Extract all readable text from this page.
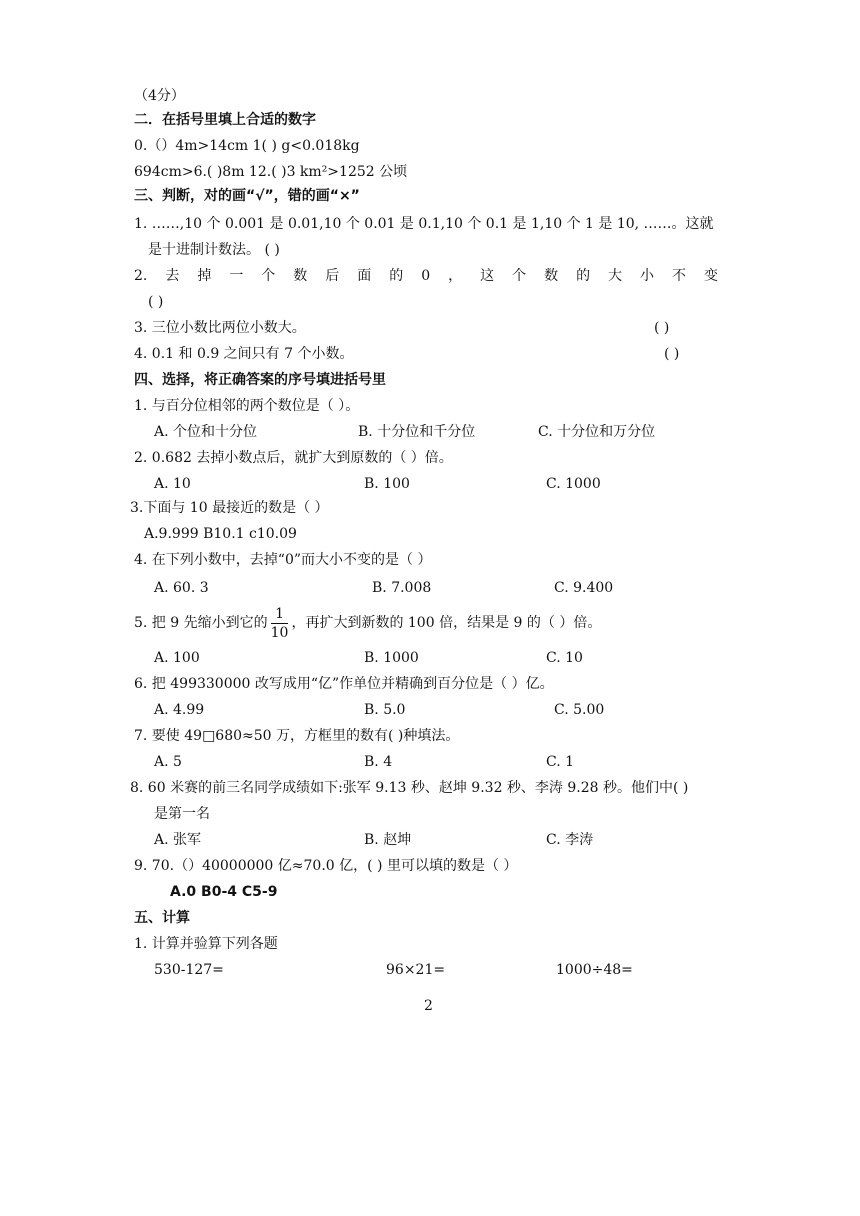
（4分）
二．在括号里填上合适的数字
0.（）4m>14cm 1( ) g<0.018kg
694cm>6.( )8m 12.( )3 km²>1252 公顷
三、判断，对的画“√”，错的画“×”
1. ……,10 个 0.001 是 0.01,10 个 0.01 是 0.1,10 个 0.1 是 1,10 个 1 是 10, ……。这就
是十进制计数法。 ( )
2. 去 掉 一 个 数 后 面 的 0 ， 这 个 数 的 大 小 不 变
( )
3. 三位小数比两位小数大。	( )
4. 0.1 和 0.9 之间只有 7 个小数。	( )
四、选择，将正确答案的序号填进括号里
1. 与百分位相邻的两个数位是（ ）。
A. 个位和十分位	B. 十分位和千分位	C. 十分位和万分位
2. 0.682 去掉小数点后，就扩大到原数的（ ）倍。
A. 10	B. 100	C. 1000
3.下面与 10 最接近的数是（ ）
A.9.999 B10.1 c10.09
4. 在下列小数中，去掉“0”而大小不变的是（ ）
A. 60. 3	B. 7.008	C. 9.400
5. 把 9 先缩小到它的 $\frac{1}{10}$ ，再扩大到新数的 100 倍，结果是 9 的（ ）倍。
A. 100	B. 1000	C. 10
6. 把 499330000 改写成用“亿”作单位并精确到百分位是（ ）亿。
A. 4.99	B. 5.0	C. 5.00
7. 要使 49□680≈50 万，方框里的数有( )种填法。
A. 5	B. 4	C. 1
8. 60 米赛的前三名同学成绩如下:张军 9.13 秒、赵坤 9.32 秒、李涛 9.28 秒。他们中( )
是第一名
A. 张军	B. 赵坤	C. 李涛
9. 70.（）40000000 亿≈70.0 亿，( ) 里可以填的数是（ ）
A.0 B0-4 C5-9
五、计算
1. 计算并验算下列各题
530-127=	96×21=	1000÷48=
2
